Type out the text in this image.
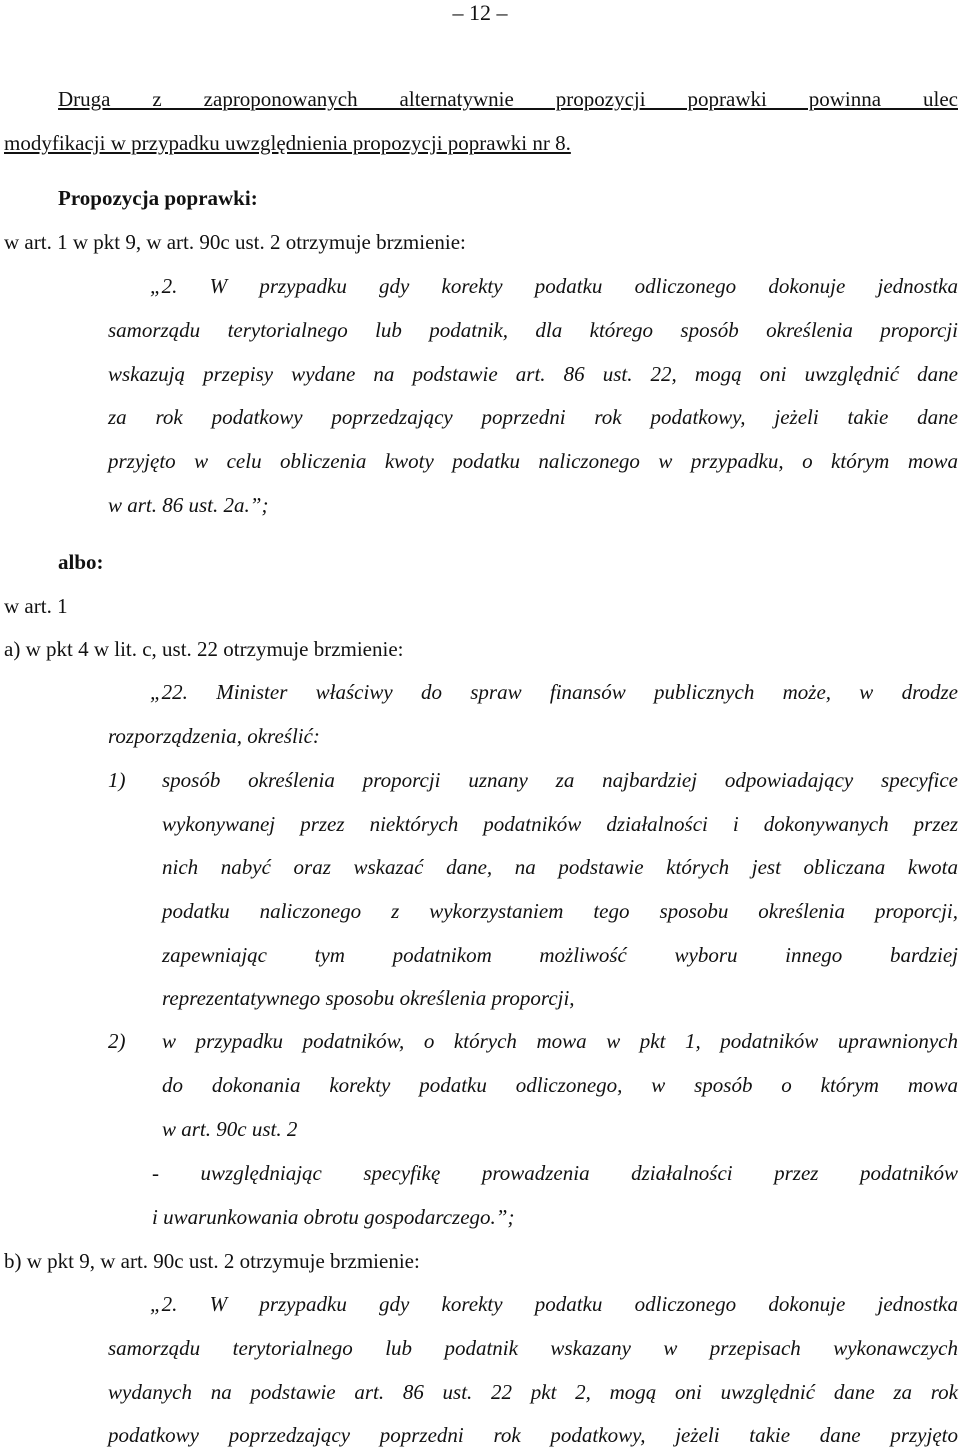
– 12 –
Druga z zaproponowanych alternatywnie propozycji poprawki powinna ulec
modyfikacji w przypadku uwzględnienia propozycji poprawki nr 8.
Propozycja poprawki:
w art. 1 w pkt 9, w art. 90c ust. 2 otrzymuje brzmienie:
„2. W przypadku gdy korekty podatku odliczonego dokonuje jednostka
samorządu terytorialnego lub podatnik, dla którego sposób określenia proporcji
wskazują przepisy wydane na podstawie art. 86 ust. 22, mogą oni uwzględnić dane
za rok podatkowy poprzedzający poprzedni rok podatkowy, jeżeli takie dane
przyjęto w celu obliczenia kwoty podatku naliczonego w przypadku, o którym mowa
w art. 86 ust. 2a.”;
albo:
w art. 1
a) w pkt 4 w lit. c, ust. 22 otrzymuje brzmienie:
„22. Minister właściwy do spraw finansów publicznych może, w drodze
rozporządzenia, określić:
1) sposób określenia proporcji uznany za najbardziej odpowiadający specyfice
wykonywanej przez niektórych podatników działalności i dokonywanych przez
nich nabyć oraz wskazać dane, na podstawie których jest obliczana kwota
podatku naliczonego z wykorzystaniem tego sposobu określenia proporcji,
zapewniając tym podatnikom możliwość wyboru innego bardziej
reprezentatywnego sposobu określenia proporcji,
2) w przypadku podatników, o których mowa w pkt 1, podatników uprawnionych
do dokonania korekty podatku odliczonego, w sposób o którym mowa
w art. 90c ust. 2
- uwzględniając specyfikę prowadzenia działalności przez podatników
i uwarunkowania obrotu gospodarczego.”;
b) w pkt 9, w art. 90c ust. 2 otrzymuje brzmienie:
„2. W przypadku gdy korekty podatku odliczonego dokonuje jednostka
samorządu terytorialnego lub podatnik wskazany w przepisach wykonawczych
wydanych na podstawie art. 86 ust. 22 pkt 2, mogą oni uwzględnić dane za rok
podatkowy poprzedzający poprzedni rok podatkowy, jeżeli takie dane przyjęto
